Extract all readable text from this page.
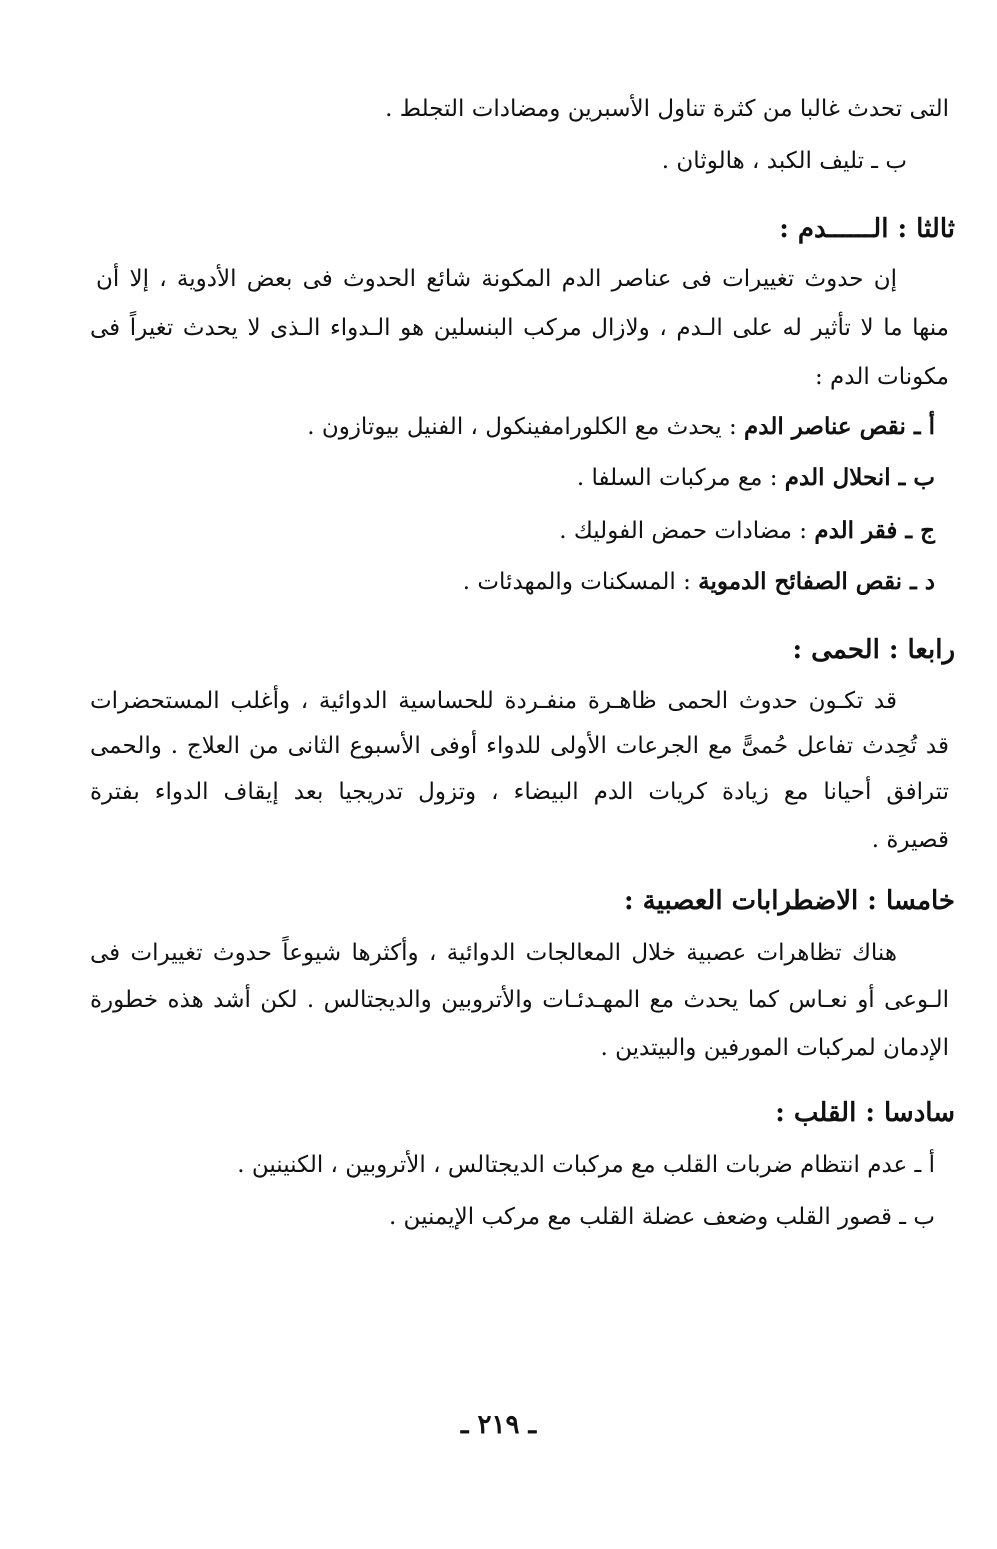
التى تحدث غالبا من كثرة تناول الأسبرين ومضادات التجلط .
ب ـ تليف الكبد ، هالوثان .
ثالثا : الــــــدم :
إن حدوث تغييرات فى عناصر الدم المكونة شائع الحدوث فى بعض الأدوية ، إلا أن
منها ما لا تأثير له على الـدم ، ولازال مركب البنسلين هو الـدواء الـذى لا يحدث تغيراً فى
مكونات الدم :
أ ـ نقص عناصر الدم : يحدث مع الكلورامفينكول ، الفنيل بيوتازون .
ب ـ انحلال الدم : مع مركبات السلفا .
ج ـ فقر الدم : مضادات حمض الفوليك .
د ـ نقص الصفائح الدموية : المسكنات والمهدئات .
رابعا : الحمى :
قد تكـون حدوث الحمى ظاهـرة منفـردة للحساسية الدوائية ، وأغلب المستحضرات
قد تُحِدث تفاعل حُمىًّ مع الجرعات الأولى للدواء أوفى الأسبوع الثانى من العلاج . والحمى
تترافق أحيانا مع زيادة كريات الدم البيضاء ، وتزول تدريجيا بعد إيقاف الدواء بفترة
قصيرة .
خامسا : الاضطرابات العصبية :
هناك تظاهرات عصبية خلال المعالجات الدوائية ، وأكثرها شيوعاً حدوث تغييرات فى
الـوعى أو نعـاس كما يحدث مع المهـدئـات والأتروبين والديجتالس . لكن أشد هذه خطورة
الإدمان لمركبات المورفين والبيتدين .
سادسا : القلب :
أ ـ عدم انتظام ضربات القلب مع مركبات الديجتالس ، الأتروبين ، الكنينين .
ب ـ قصور القلب وضعف عضلة القلب مع مركب الإيمنين .
ـ ٢١٩ ـ
